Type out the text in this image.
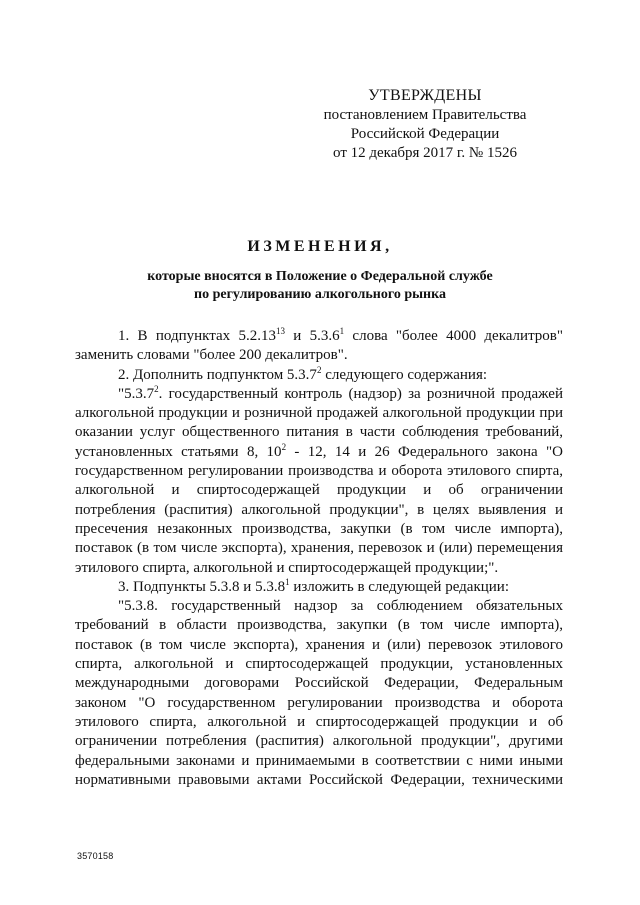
УТВЕРЖДЕНЫ
постановлением Правительства
Российской Федерации
от 12 декабря 2017 г. № 1526
ИЗМЕНЕНИЯ,
которые вносятся в Положение о Федеральной службе
по регулированию алкогольного рынка

1. В подпунктах 5.2.13$^{13}$ и 5.3.6$^1$ слова "более 4000 декалитров" заменить словами "более 200 декалитров".

2. Дополнить подпунктом 5.3.7$^2$ следующего содержания:

"5.3.7$^2$. государственный контроль (надзор) за розничной продажей алкогольной продукции и розничной продажей алкогольной продукции при оказании услуг общественного питания в части соблюдения требований, установленных статьями 8, $10^2 - 12$, 14 и 26 Федерального закона "О государственном регулировании производства и оборота этилового спирта, алкогольной и спиртосодержащей продукции и об ограничении потребления (распития) алкогольной продукции", в целях выявления и пресечения незаконных производства, закупки (в том числе импорта), поставок (в том числе экспорта), хранения, перевозок и (или) перемещения этилового спирта, алкогольной и спиртосодержащей продукции;".

3. Подпункты 5.3.8 и 5.3.8$^1$ изложить в следующей редакции:

"5.3.8. государственный надзор за соблюдением обязательных требований в области производства, закупки (в том числе импорта), поставок (в том числе экспорта), хранения и (или) перевозок этилового спирта, алкогольной и спиртосодержащей продукции, установленных международными договорами Российской Федерации, Федеральным законом "О государственном регулировании производства и оборота этилового спирта, алкогольной и спиртосодержащей продукции и об ограничении потребления (распития) алкогольной продукции", другими федеральными законами и принимаемыми в соответствии с ними иными нормативными правовыми актами Российской Федерации, техническими

3570158
